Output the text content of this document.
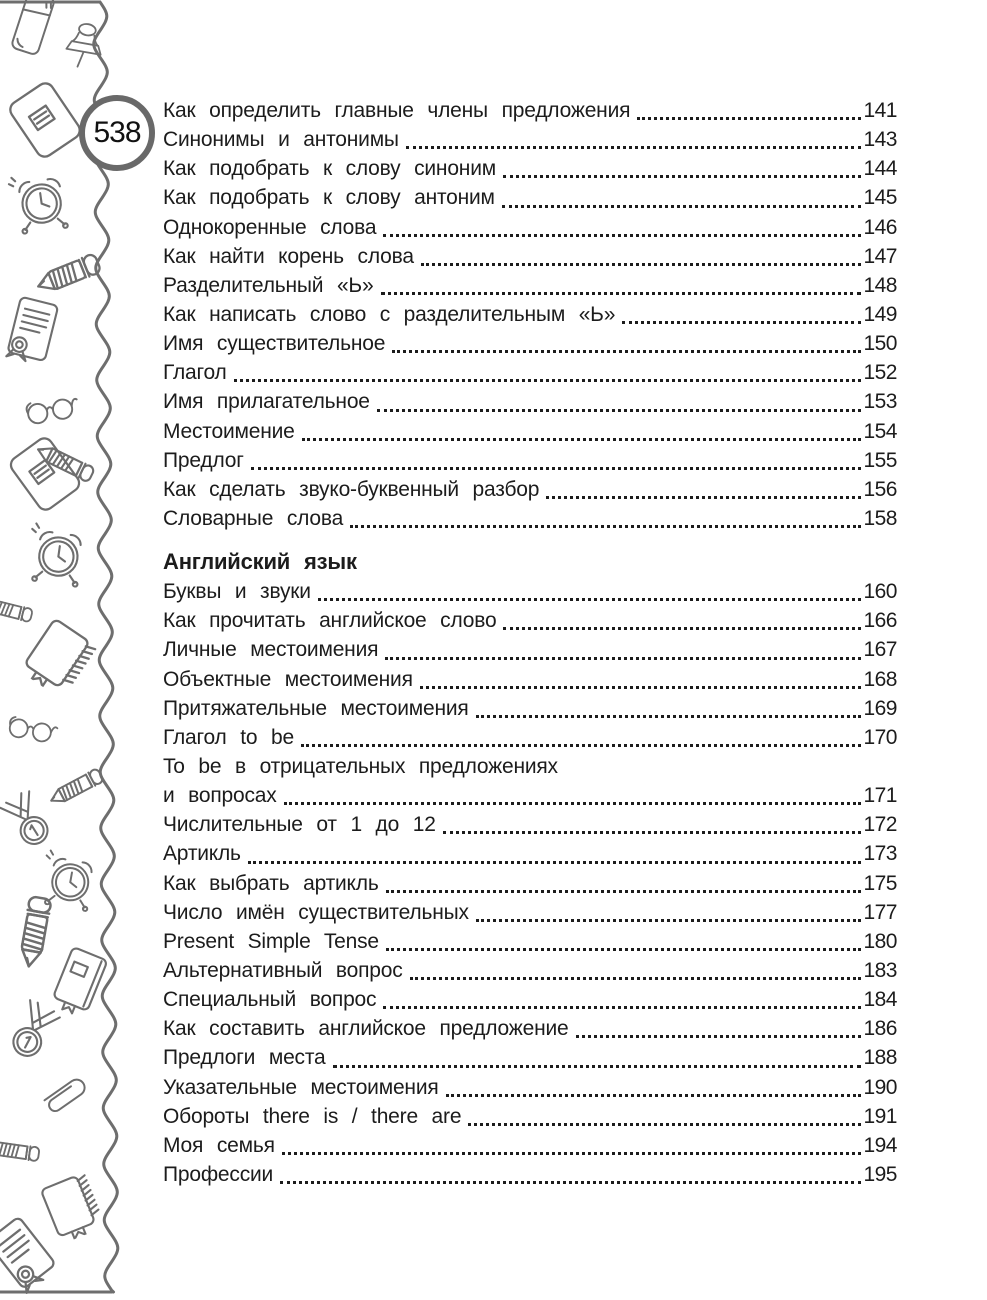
538
Как определить главные члены предложения	141
Синонимы и антонимы	143
Как подобрать к слову синоним	144
Как подобрать к слову антоним	145
Однокоренные слова	146
Как найти корень слова	147
Разделительный «Ь»	148
Как написать слово с разделительным «Ь»	149
Имя существительное	150
Глагол	152
Имя прилагательное	153
Местоимение	154
Предлог	155
Как сделать звуко-буквенный разбор	156
Словарные слова	158
Английский язык
Буквы и звуки	160
Как прочитать английское слово	166
Личные местоимения	167
Объектные местоимения	168
Притяжательные местоимения	169
Глагол to be	170
To be в отрицательных предложениях
и вопросах	171
Числительные от 1 до 12	172
Артикль	173
Как выбрать артикль	175
Число имён существительных	177
Present Simple Tense	180
Альтернативный вопрос	183
Специальный вопрос	184
Как составить английское предложение	186
Предлоги места	188
Указательные местоимения	190
Обороты there is / there are	191
Моя семья	194
Профессии	195
